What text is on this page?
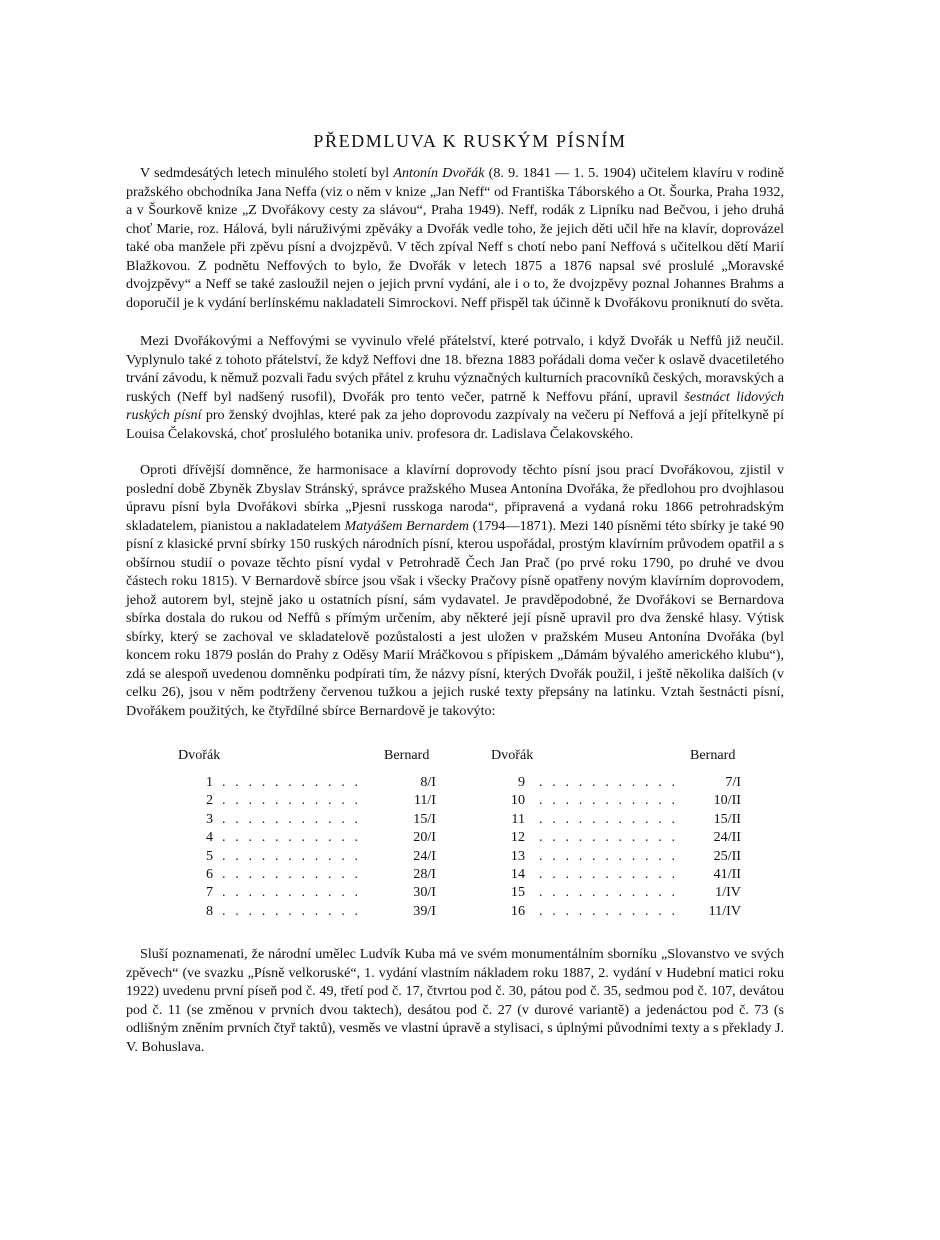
PŘEDMLUVA K RUSKÝM PÍSNÍM

V sedmdesátých letech minulého století byl Antonín Dvořák (8. 9. 1841 — 1. 5. 1904) učitelem klavíru v rodině pražského obchodníka Jana Neffa (viz o něm v knize „Jan Neff“ od Františka Táborského a Ot. Šourka, Praha 1932, a v Šourkově knize „Z Dvořákovy cesty za slávou“, Praha 1949). Neff, rodák z Lipníku nad Bečvou, i jeho druhá choť Marie, roz. Hálová, byli náruživými zpěváky a Dvořák vedle toho, že jejich děti učil hře na klavír, doprovázel také oba manžele při zpěvu písní a dvojzpěvů. V těch zpíval Neff s chotí nebo paní Neffová s učitelkou dětí Marií Blažkovou. Z podnětu Neffových to bylo, že Dvořák v letech 1875 a 1876 napsal své proslulé „Moravské dvojzpěvy“ a Neff se také zasloužil nejen o jejich první vydání, ale i o to, že dvojzpěvy poznal Johannes Brahms a doporučil je k vydání berlínskému nakladateli Simrockovi. Neff přispěl tak účinně k Dvořákovu proniknutí do světa.

Mezi Dvořákovými a Neffovými se vyvinulo vřelé přátelství, které potrvalo, i když Dvořák u Neffů již neučil. Vyplynulo také z tohoto přátelství, že když Neffovi dne 18. března 1883 pořádali doma večer k oslavě dvacetiletého trvání závodu, k němuž pozvali řadu svých přátel z kruhu význačných kulturních pracovníků českých, moravských a ruských (Neff byl nadšený rusofil), Dvořák pro tento večer, patrně k Neffovu přání, upravil šestnáct lidových ruských písní pro ženský dvojhlas, které pak za jeho doprovodu zazpívaly na večeru pí Neffová a její přítelkyně pí Louisa Čelakovská, choť proslulého botanika univ. profesora dr. Ladislava Čelakovského.

Oproti dřívější domněnce, že harmonisace a klavírní doprovody těchto písní jsou prací Dvořákovou, zjistil v poslední době Zbyněk Zbyslav Stránský, správce pražského Musea Antonína Dvořáka, že předlohou pro dvojhlasou úpravu písní byla Dvořákovi sbírka „Pjesni russkoga naroda“, připravená a vydaná roku 1866 petrohradským skladatelem, pianistou a nakladatelem Matyášem Bernardem (1794—1871). Mezi 140 písněmi této sbírky je také 90 písní z klasické první sbírky 150 ruských národních písní, kterou uspořádal, prostým klavírním průvodem opatřil a s obšírnou studií o povaze těchto písní vydal v Petrohradě Čech Jan Prač (po prvé roku 1790, po druhé ve dvou částech roku 1815). V Bernardově sbírce jsou však i všecky Pračovy písně opatřeny novým klavírním doprovodem, jehož autorem byl, stejně jako u ostatních písní, sám vydavatel. Je pravděpodobné, že Dvořákovi se Bernardova sbírka dostala do rukou od Neffů s přímým určením, aby některé její písně upravil pro dva ženské hlasy. Výtisk sbírky, který se zachoval ve skladatelově pozůstalosti a jest uložen v pražském Museu Antonína Dvořáka (byl koncem roku 1879 poslán do Prahy z Oděsy Marií Mráčkovou s přípiskem „Dámám bývalého amerického klubu“), zdá se alespoň uvedenou domněnku podpírati tím, že názvy písní, kterých Dvořák použil, i ještě několika dalších (v celku 26), jsou v něm podtrženy červenou tužkou a jejich ruské texty přepsány na latinku. Vztah šestnácti písní, Dvořákem použitých, ke čtyřdílné sbírce Bernardově je takovýto:

Dvořák	Bernard
1 . . . . . . . . . . .	8/I
2 . . . . . . . . . . .	11/I
3 . . . . . . . . . . .	15/I
4 . . . . . . . . . . .	20/I
5 . . . . . . . . . . .	24/I
6 . . . . . . . . . . .	28/I
7 . . . . . . . . . . .	30/I
8 . . . . . . . . . . .	39/I
Dvořák	Bernard
9 . . . . . . . . . . .	7/I
10 . . . . . . . . . . .	10/II
11 . . . . . . . . . . .	15/II
12 . . . . . . . . . . .	24/II
13 . . . . . . . . . . .	25/II
14 . . . . . . . . . . .	41/II
15 . . . . . . . . . . .	1/IV
16 . . . . . . . . . . .	11/IV

Sluší poznamenati, že národní umělec Ludvík Kuba má ve svém monumentálním sborníku „Slovanstvo ve svých zpěvech“ (ve svazku „Písně velkoruské“, 1. vydání vlastním nákladem roku 1887, 2. vydání v Hudební matici roku 1922) uvedenu první píseň pod č. 49, třetí pod č. 17, čtvrtou pod č. 30, pátou pod č. 35, sedmou pod č. 107, devátou pod č. 11 (se změnou v prvních dvou taktech), desátou pod č. 27 (v durové variantě) a jedenáctou pod č. 73 (s odlišným zněním prvních čtyř taktů), vesměs ve vlastní úpravě a stylisaci, s úplnými původními texty a s překlady J. V. Bohuslava.
